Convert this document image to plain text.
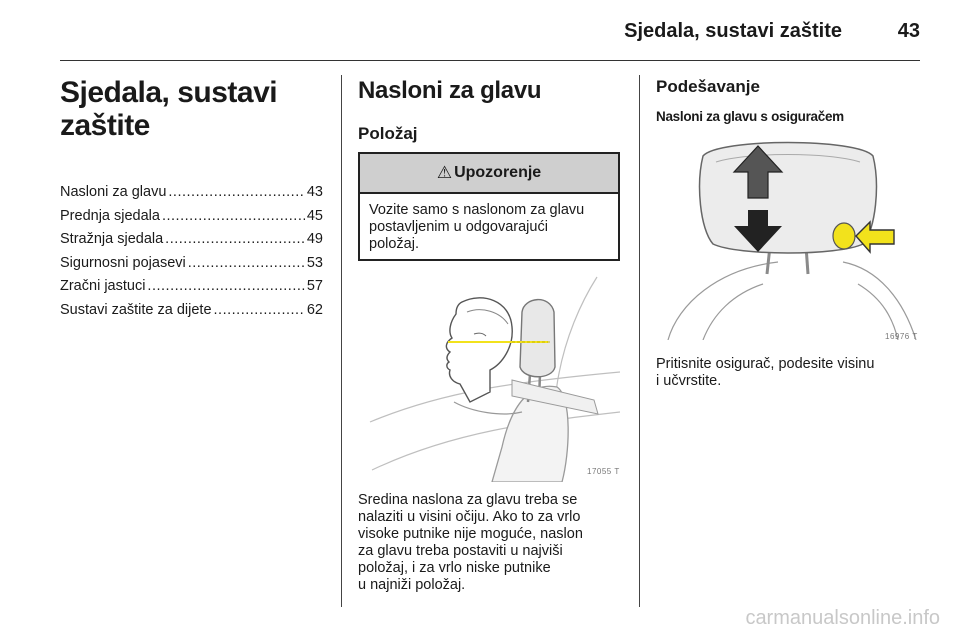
Sjedala, sustavi zaštite	43
Sjedala, sustavi
zaštite
Nasloni za glavu .....	43
Prednja sjedala .....	45
Stražnja sjedala .....	49
Sigurnosni pojasevi .....	53
Zračni jastuci .....	57
Sustavi zaštite za dijete .....	62
Nasloni za glavu
Položaj
⚠ Upozorenje
Vozite samo s naslonom za glavu
postavljenim u odgovarajući
položaj.
17055 T
Sredina naslona za glavu treba se
nalaziti u visini očiju. Ako to za vrlo
visoke putnike nije moguće, naslon
za glavu treba postaviti u najviši
položaj, i za vrlo niske putnike
u najniži položaj.
Podešavanje
Nasloni za glavu s osiguračem
16976 T
Pritisnite osigurač, podesite visinu
i učvrstite.
carmanualsonline.info
